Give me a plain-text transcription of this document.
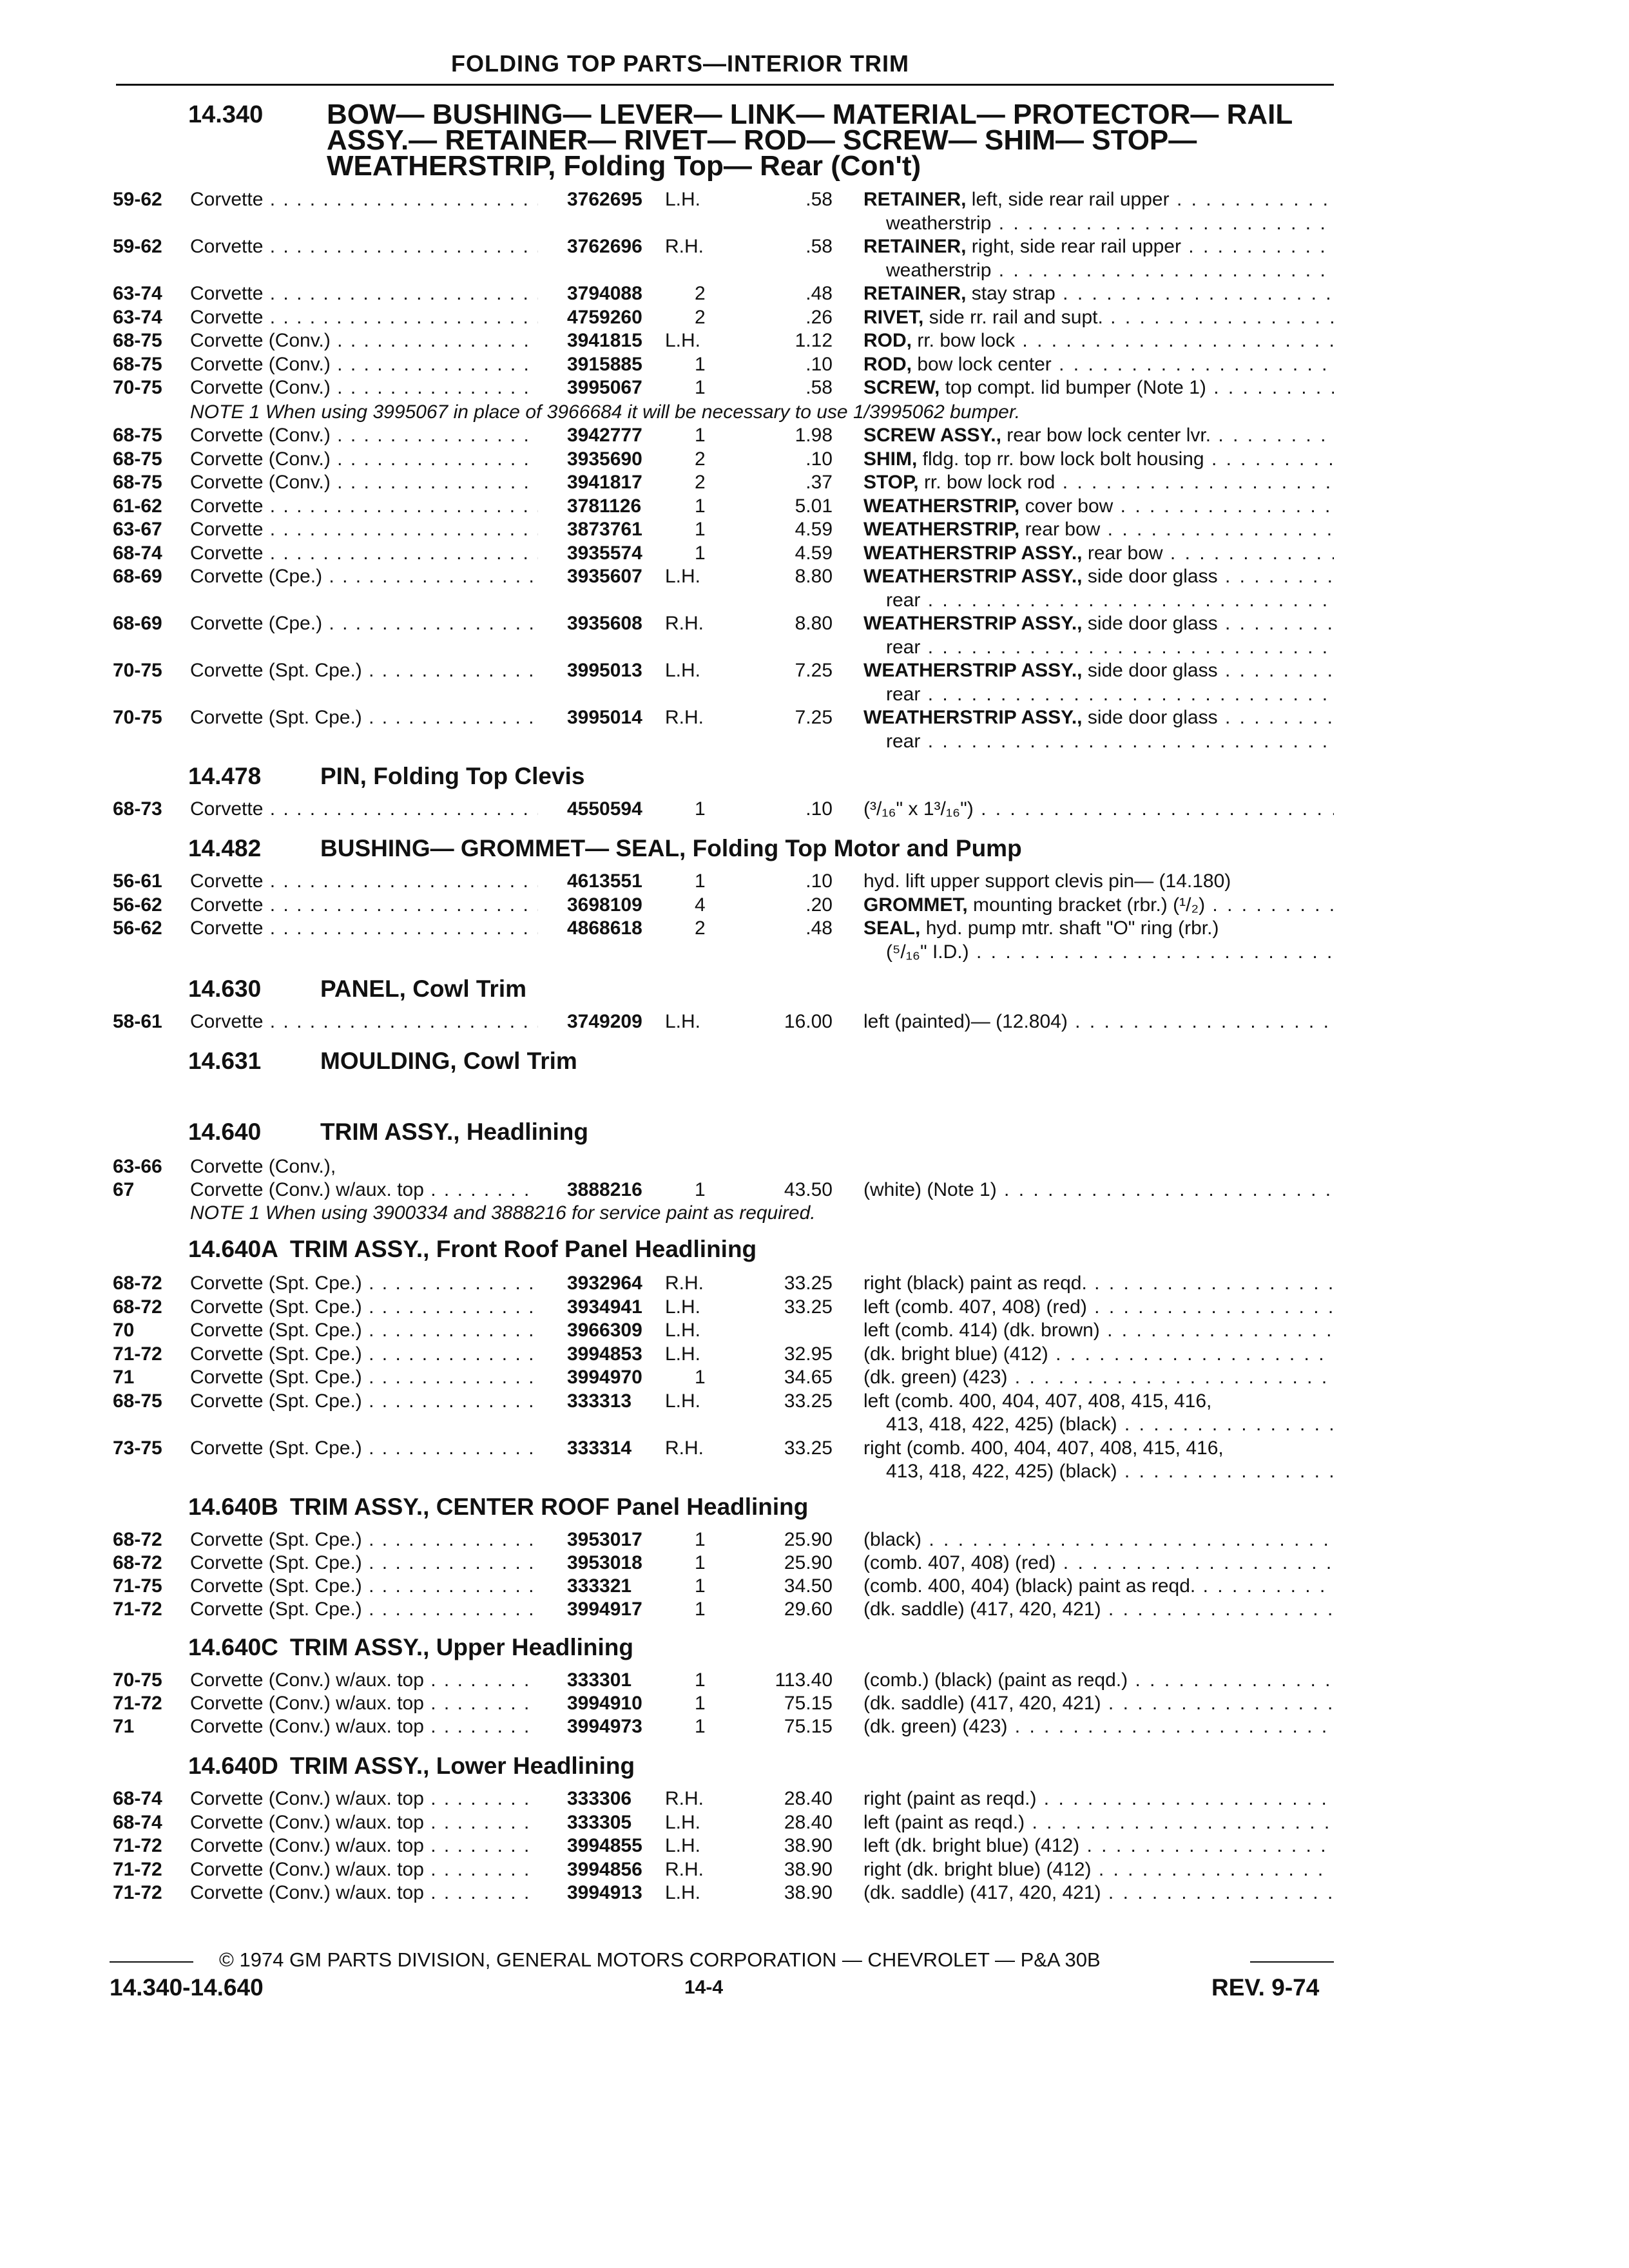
FOLDING TOP PARTS—INTERIOR TRIM
14.340 BOW— BUSHING— LEVER— LINK— MATERIAL— PROTECTOR— RAIL
ASSY.— RETAINER— RIVET— ROD— SCREW— SHIM— STOP—
WEATHERSTRIP, Folding Top— Rear (Con't)
59-62 Corvette . . .	3762695 L.H.	.58 RETAINER, left, side rear rail upper . . .
weatherstrip . . .
59-62 Corvette . . .	3762696 R.H.	.58 RETAINER, right, side rear rail upper . . .
weatherstrip . . .
63-74 Corvette . . .	3794088	2	.48 RETAINER, stay strap . . .
63-74 Corvette . . .	4759260	2	.26 RIVET, side rr. rail and supt. . . .
68-75 Corvette (Conv.) . . .	3941815 L.H.	1.12 ROD, rr. bow lock . . .
68-75 Corvette (Conv.) . . .	3915885	1	.10 ROD, bow lock center . . .
70-75 Corvette (Conv.) . . .	3995067	1	.58 SCREW, top compt. lid bumper (Note 1) . . .
NOTE 1 When using 3995067 in place of 3966684 it will be necessary to use 1/3995062 bumper.
68-75 Corvette (Conv.) . . .	3942777	1	1.98 SCREW ASSY., rear bow lock center lvr. . . .
68-75 Corvette (Conv.) . . .	3935690	2	.10 SHIM, fldg. top rr. bow lock bolt housing . . .
68-75 Corvette (Conv.) . . .	3941817	2	.37 STOP, rr. bow lock rod . . .
61-62 Corvette . . .	3781126	1	5.01 WEATHERSTRIP, cover bow . . .
63-67 Corvette . . .	3873761	1	4.59 WEATHERSTRIP, rear bow . . .
68-74 Corvette . . .	3935574	1	4.59 WEATHERSTRIP ASSY., rear bow . . .
68-69 Corvette (Cpe.) . . .	3935607 L.H.	8.80 WEATHERSTRIP ASSY., side door glass . . .
rear . . .
68-69 Corvette (Cpe.) . . .	3935608 R.H.	8.80 WEATHERSTRIP ASSY., side door glass . . .
rear . . .
70-75 Corvette (Spt. Cpe.) . . .	3995013 L.H.	7.25 WEATHERSTRIP ASSY., side door glass . . .
rear . . .
70-75 Corvette (Spt. Cpe.) . . .	3995014 R.H.	7.25 WEATHERSTRIP ASSY., side door glass . . .
rear . . .
14.478 PIN, Folding Top Clevis
68-73 Corvette . . .	4550594	1	.10 (³/₁₆" x 1³/₁₆") . . .
14.482 BUSHING— GROMMET— SEAL, Folding Top Motor and Pump
56-61 Corvette . . .	4613551	1	.10 hyd. lift upper support clevis pin— (14.180)
56-62 Corvette . . .	3698109	4	.20 GROMMET, mounting bracket (rbr.) (¹/₂) . . .
56-62 Corvette . . .	4868618	2	.48 SEAL, hyd. pump mtr. shaft "O" ring (rbr.)
(⁵/₁₆" I.D.) . . .
14.630 PANEL, Cowl Trim
58-61 Corvette . . .	3749209 L.H.	16.00 left (painted)— (12.804) . . .
14.631 MOULDING, Cowl Trim
14.640 TRIM ASSY., Headlining
63-66 Corvette (Conv.),
67	Corvette (Conv.) w/aux. top . . .	3888216	1	43.50 (white) (Note 1) . . .
NOTE 1 When using 3900334 and 3888216 for service paint as required.
14.640A TRIM ASSY., Front Roof Panel Headlining
68-72 Corvette (Spt. Cpe.) . . .	3932964 R.H.	33.25 right (black) paint as reqd. . . .
68-72 Corvette (Spt. Cpe.) . . .	3934941 L.H.	33.25 left (comb. 407, 408) (red) . . .
70	Corvette (Spt. Cpe.) . . .	3966309 L.H.	left (comb. 414) (dk. brown) . . .
71-72 Corvette (Spt. Cpe.) . . .	3994853 L.H.	32.95 (dk. bright blue) (412) . . .
71	Corvette (Spt. Cpe.) . . .	3994970	1	34.65 (dk. green) (423) . . .
68-75 Corvette (Spt. Cpe.) . . .	333313 L.H.	33.25 left (comb. 400, 404, 407, 408, 415, 416,
413, 418, 422, 425) (black) . . .
73-75 Corvette (Spt. Cpe.) . . .	333314 R.H.	33.25 right (comb. 400, 404, 407, 408, 415, 416,
413, 418, 422, 425) (black) . . .
14.640B TRIM ASSY., CENTER ROOF Panel Headlining
68-72 Corvette (Spt. Cpe.) . . .	3953017	1	25.90 (black) . . .
68-72 Corvette (Spt. Cpe.) . . .	3953018	1	25.90 (comb. 407, 408) (red) . . .
71-75 Corvette (Spt. Cpe.) . . .	333321	1	34.50 (comb. 400, 404) (black) paint as reqd. . . .
71-72 Corvette (Spt. Cpe.) . . .	3994917	1	29.60 (dk. saddle) (417, 420, 421) . . .
14.640C TRIM ASSY., Upper Headlining
70-75 Corvette (Conv.) w/aux. top . . .	333301	1	113.40 (comb.) (black) (paint as reqd.) . . .
71-72 Corvette (Conv.) w/aux. top . . .	3994910	1	75.15 (dk. saddle) (417, 420, 421) . . .
71	Corvette (Conv.) w/aux. top . . .	3994973	1	75.15 (dk. green) (423) . . .
14.640D TRIM ASSY., Lower Headlining
68-74 Corvette (Conv.) w/aux. top . . .	333306 R.H.	28.40 right (paint as reqd.) . . .
68-74 Corvette (Conv.) w/aux. top . . .	333305 L.H.	28.40 left (paint as reqd.) . . .
71-72 Corvette (Conv.) w/aux. top . . .	3994855 L.H.	38.90 left (dk. bright blue) (412) . . .
71-72 Corvette (Conv.) w/aux. top . . .	3994856 R.H.	38.90 right (dk. bright blue) (412) . . .
71-72 Corvette (Conv.) w/aux. top . . .	3994913 L.H.	38.90 (dk. saddle) (417, 420, 421) . . .
© 1974 GM PARTS DIVISION, GENERAL MOTORS CORPORATION — CHEVROLET — P&A 30B
14.340-14.640	14-4	REV. 9-74
